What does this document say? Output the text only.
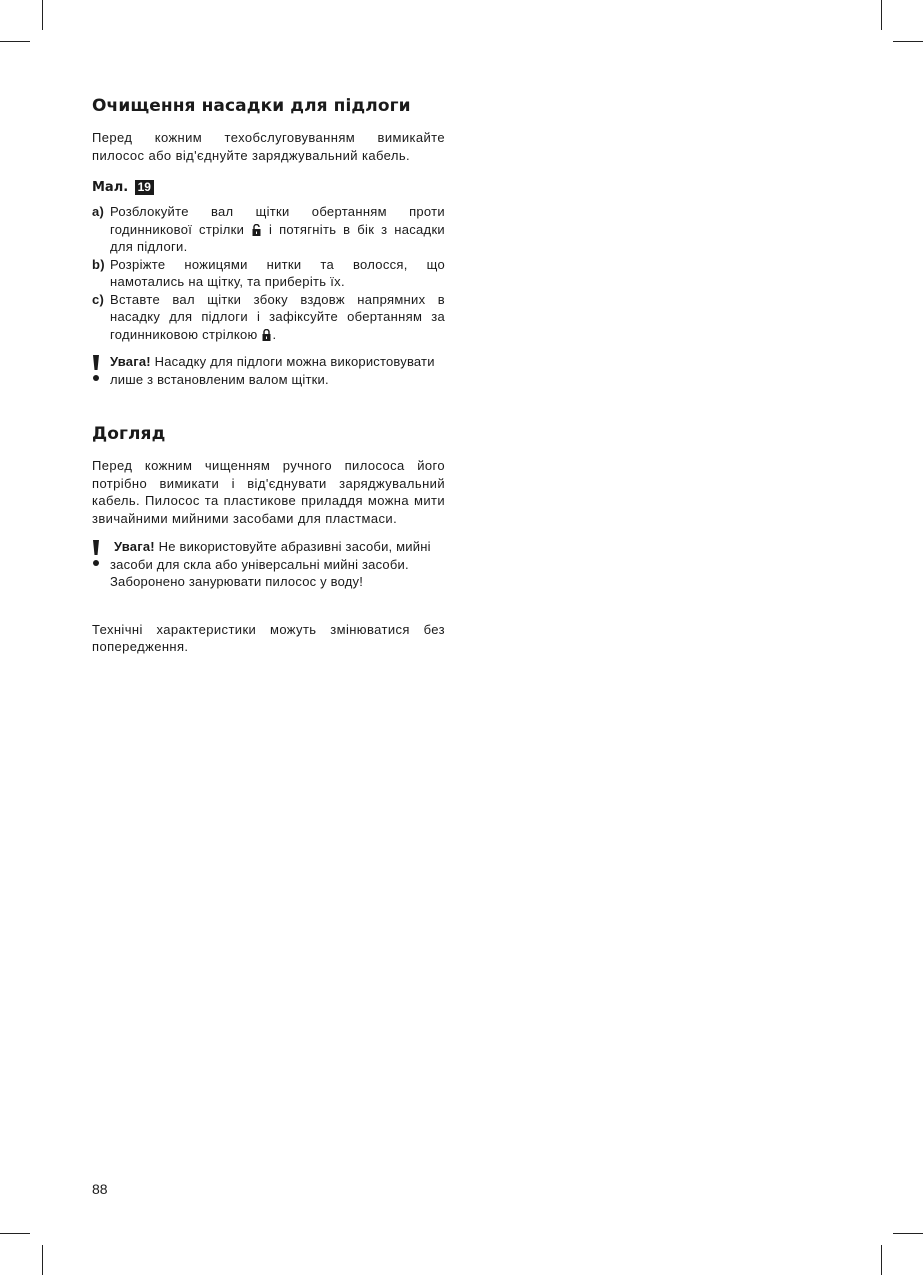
Очищення насадки для підлоги

Перед кожним техобслуговуванням вимикайте пилосос або від'єднуйте заряджувальний кабель.

Мал. 19
a) Розблокуйте вал щітки обертанням проти годинникової стрілки і потягніть в бік з насадки для підлоги.
b) Розріжте ножицями нитки та волосся, що намотались на щітку, та приберіть їх.
c) Вставте вал щітки збоку вздовж напрямних в насадку для підлоги і зафіксуйте обертанням за годинниковою стрілкою .
Увага! Насадку для підлоги можна використовувати лише з встановленим валом щітки.
Догляд

Перед кожним чищенням ручного пилососа його потрібно вимикати і від'єднувати заряджувальний кабель. Пилосос та пластикове приладдя можна мити звичайними мийними засобами для пластмаси.

Увага! Не використовуйте абразивні засоби, мийні
засоби для скла або універсальні мийні засоби.
Заборонено занурювати пилосос у воду!

Технічні характеристики можуть змінюватися без попередження.

88
